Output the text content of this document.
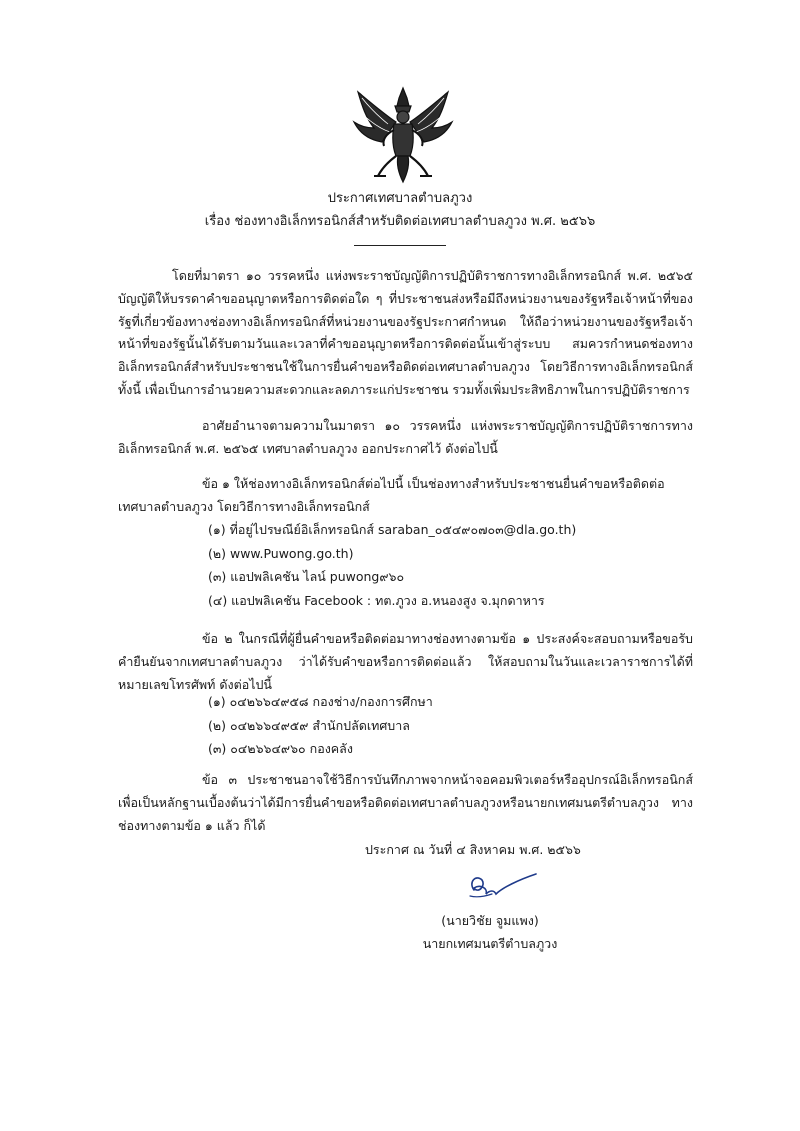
ประกาศเทศบาลตำบลภูวง
เรื่อง ช่องทางอิเล็กทรอนิกส์สำหรับติดต่อเทศบาลตำบลภูวง พ.ศ. ๒๕๖๖

โดยที่มาตรา ๑๐ วรรคหนึ่ง แห่งพระราชบัญญัติการปฏิบัติราชการทางอิเล็กทรอนิกส์ พ.ศ. ๒๕๖๕ บัญญัติให้บรรดาคำขออนุญาตหรือการติดต่อใด ๆ ที่ประชาชนส่งหรือมีถึงหน่วยงานของรัฐหรือเจ้าหน้าที่ของรัฐที่เกี่ยวข้องทางช่องทางอิเล็กทรอนิกส์ที่หน่วยงานของรัฐประกาศกำหนด ให้ถือว่าหน่วยงานของรัฐหรือเจ้าหน้าที่ของรัฐนั้นได้รับตามวันและเวลาที่คำขออนุญาตหรือการติดต่อนั้นเข้าสู่ระบบ สมควรกำหนดช่องทางอิเล็กทรอนิกส์สำหรับประชาชนใช้ในการยื่นคำขอหรือติดต่อเทศบาลตำบลภูวง โดยวิธีการทางอิเล็กทรอนิกส์ ทั้งนี้ เพื่อเป็นการอำนวยความสะดวกและลดภาระแก่ประชาชน รวมทั้งเพิ่มประสิทธิภาพในการปฏิบัติราชการ

อาศัยอำนาจตามความในมาตรา ๑๐ วรรคหนึ่ง แห่งพระราชบัญญัติการปฏิบัติราชการทางอิเล็กทรอนิกส์ พ.ศ. ๒๕๖๕ เทศบาลตำบลภูวง ออกประกาศไว้ ดังต่อไปนี้

ข้อ ๑ ให้ช่องทางอิเล็กทรอนิกส์ต่อไปนี้ เป็นช่องทางสำหรับประชาชนยื่นคำขอหรือติดต่อเทศบาลตำบลภูวง โดยวิธีการทางอิเล็กทรอนิกส์

(๑) ที่อยู่ไปรษณีย์อิเล็กทรอนิกส์ saraban_๐๕๔๙๐๗๐๓@dla.go.th)
(๒) www.Puwong.go.th)
(๓) แอปพลิเคชัน ไลน์ puwong๙๖๐
(๔) แอปพลิเคชัน Facebook : ทต.ภูวง อ.หนองสูง จ.มุกดาหาร

ข้อ ๒ ในกรณีที่ผู้ยื่นคำขอหรือติดต่อมาทางช่องทางตามข้อ ๑ ประสงค์จะสอบถามหรือขอรับคำยืนยันจากเทศบาลตำบลภูวง ว่าได้รับคำขอหรือการติดต่อแล้ว ให้สอบถามในวันและเวลาราชการได้ที่หมายเลขโทรศัพท์ ดังต่อไปนี้

(๑) ๐๔๒๖๖๔๙๕๘ กองช่าง/กองการศึกษา
(๒) ๐๔๒๖๖๔๙๕๙ สำนักปลัดเทศบาล
(๓) ๐๔๒๖๖๔๙๖๐ กองคลัง

ข้อ ๓ ประชาชนอาจใช้วิธีการบันทึกภาพจากหน้าจอคอมพิวเตอร์หรืออุปกรณ์อิเล็กทรอนิกส์ เพื่อเป็นหลักฐานเบื้องต้นว่าได้มีการยื่นคำขอหรือติดต่อเทศบาลตำบลภูวงหรือนายกเทศมนตรีตำบลภูวง ทางช่องทางตามข้อ ๑ แล้ว ก็ได้

ประกาศ ณ วันที่ ๔ สิงหาคม พ.ศ. ๒๕๖๖
(นายวิชัย จูมแพง)
นายกเทศมนตรีตำบลภูวง
